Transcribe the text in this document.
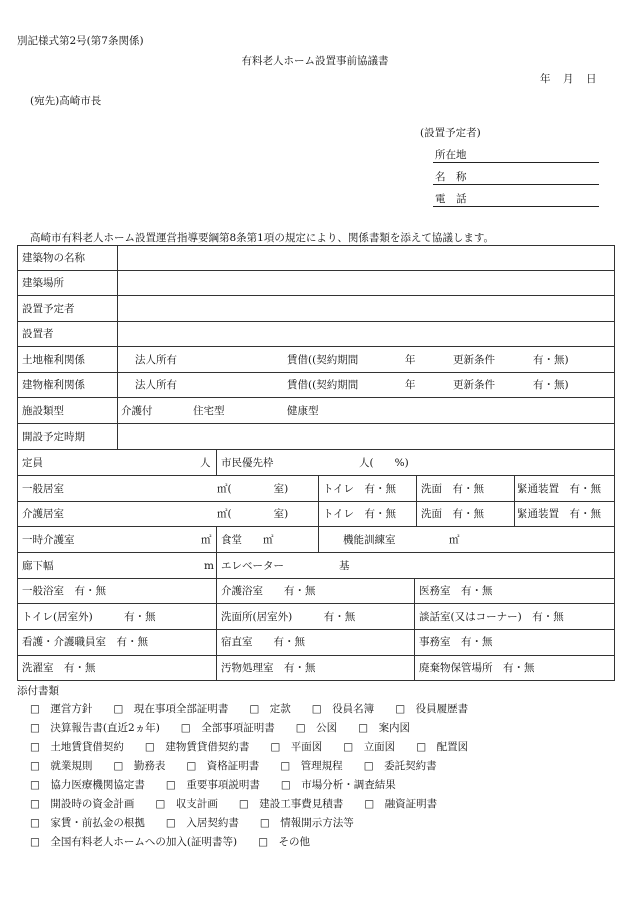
別記様式第2号(第7条関係)
有料老人ホーム設置事前協議書
年　月　日
(宛先)高崎市長
(設置予定者)
所在地
名　称
電　話
高崎市有料老人ホーム設置運営指導要綱第8条第1項の規定により、関係書類を添えて協議します。
建築物の名称
建築場所
設置予定者
設置者
土地権利関係	法人所有	賃借((契約期間	年	更新条件	有・無)
建物権利関係	法人所有	賃借((契約期間	年	更新条件	有・無)
施設類型	介護付	住宅型	健康型
開設予定時期
定員	人 市民優先枠	人(　　%)
一般居室	㎡(　　　　室)	トイレ　有・無 洗面　有・無	緊通装置　有・無
介護居室	㎡(　　　　室)	トイレ　有・無 洗面　有・無	緊通装置　有・無
一時介護室	㎡ 食堂　　㎡	機能訓練室	㎡
廊下幅	m エレベーター	基
一般浴室　有・無	介護浴室　　有・無	医務室　有・無
トイレ(居室外)　　　有・無	洗面所(居室外)　　　有・無	談話室(又はコーナー)　有・無
看護・介護職員室　有・無	宿直室　　有・無	事務室　有・無
洗濯室　有・無	汚物処理室　有・無	廃棄物保管場所　有・無
添付書類
□　 運営方針　　 □　 現在事項全部証明書　　 □　 定款　　 □　 役員名簿　　 □　 役員履歴書
□　 決算報告書(直近2ヵ年)　　 □　 全部事項証明書　　 □　 公図　　 □　 案内図
□　 土地賃貸借契約　　 □　 建物賃貸借契約書　　 □　 平面図　　 □　 立面図　　 □　 配置図
□　 就業規則　　 □　 勤務表　　 □　 資格証明書　　 □　 管理規程　　 □　 委託契約書
□　 協力医療機関協定書　　 □　 重要事項説明書　　 □　 市場分析・調査結果
□　 開設時の資金計画　　 □　 収支計画　　 □　 建設工事費見積書　　 □　 融資証明書
□　 家賃・前払金の根拠　　 □　 入居契約書　　 □　 情報開示方法等
□　 全国有料老人ホームへの加入(証明書等)　　 □　 その他
